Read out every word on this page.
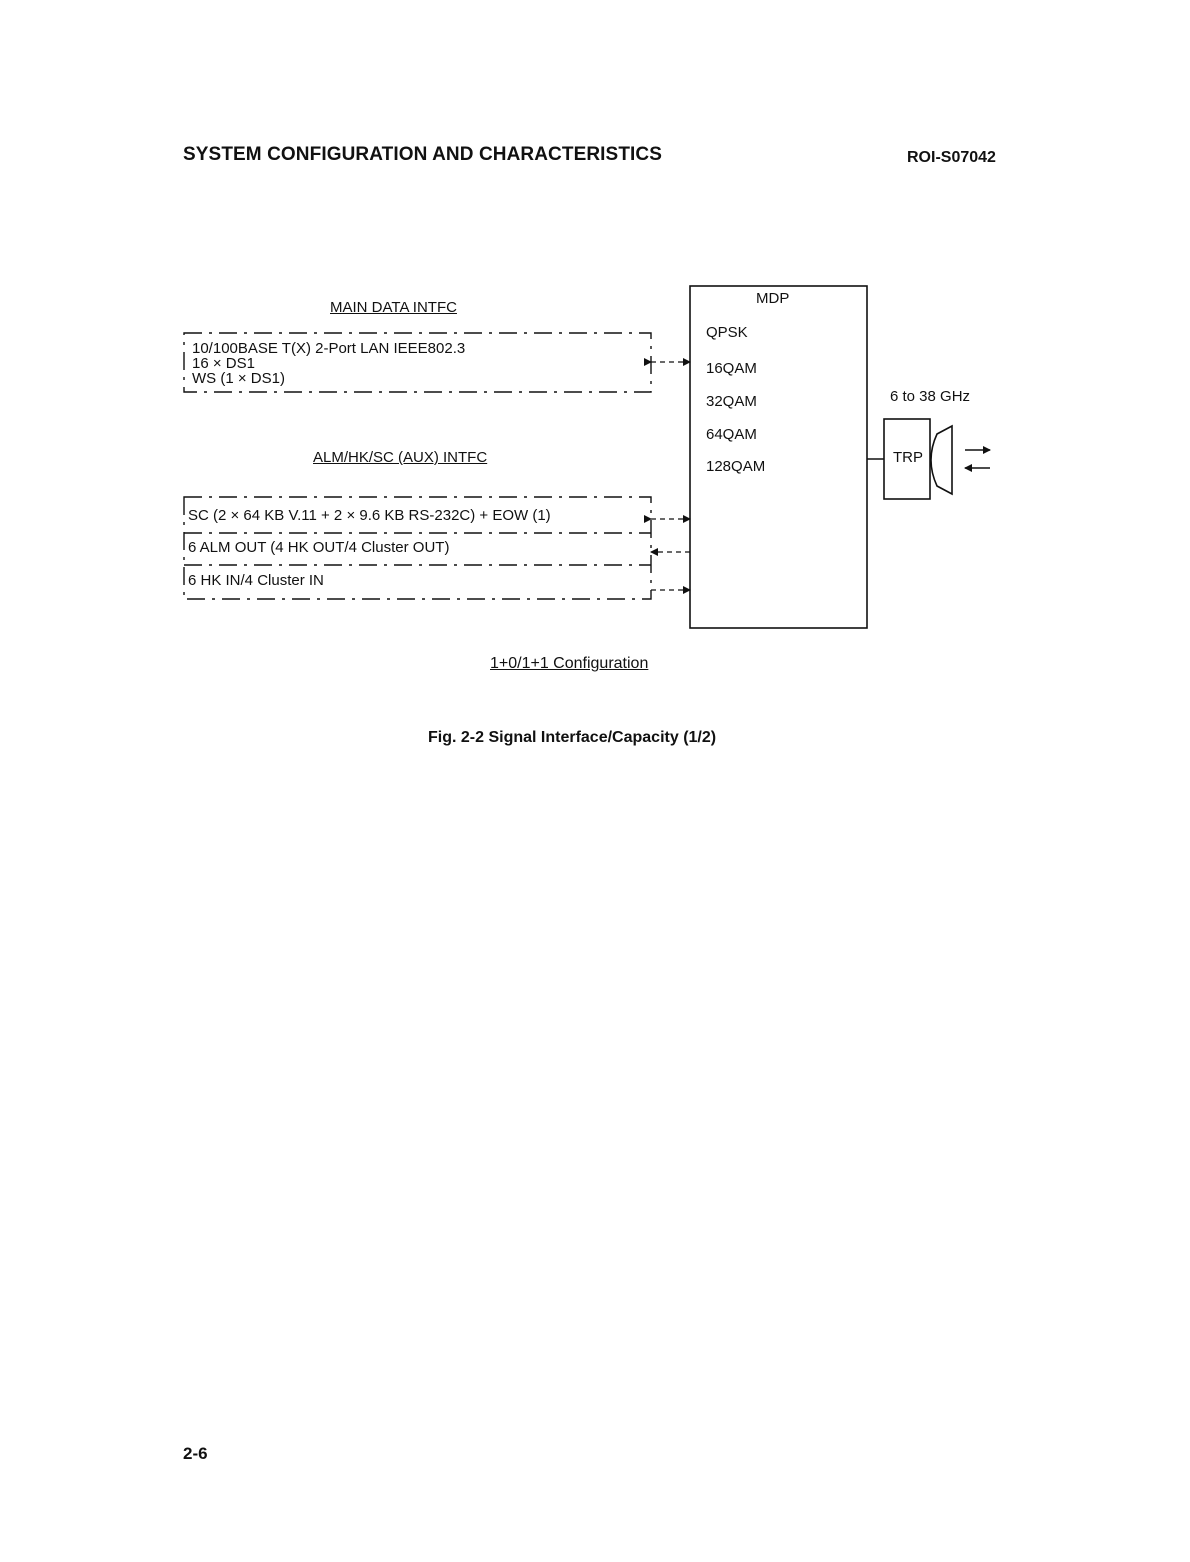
SYSTEM CONFIGURATION AND CHARACTERISTICS	ROI-S07042
MAIN DATA INTFC
10/100BASE T(X) 2-Port LAN IEEE802.3
16 × DS1
WS (1 × DS1)
ALM/HK/SC (AUX) INTFC
SC (2 × 64 KB V.11 + 2 × 9.6 KB RS-232C) + EOW (1)
6 ALM OUT (4 HK OUT/4 Cluster OUT)
6 HK IN/4 Cluster IN
MDP
QPSK
16QAM
32QAM
64QAM
128QAM
6 to 38 GHz
TRP
1+0/1+1 Configuration
Fig. 2-2 Signal Interface/Capacity (1/2)
2-6
